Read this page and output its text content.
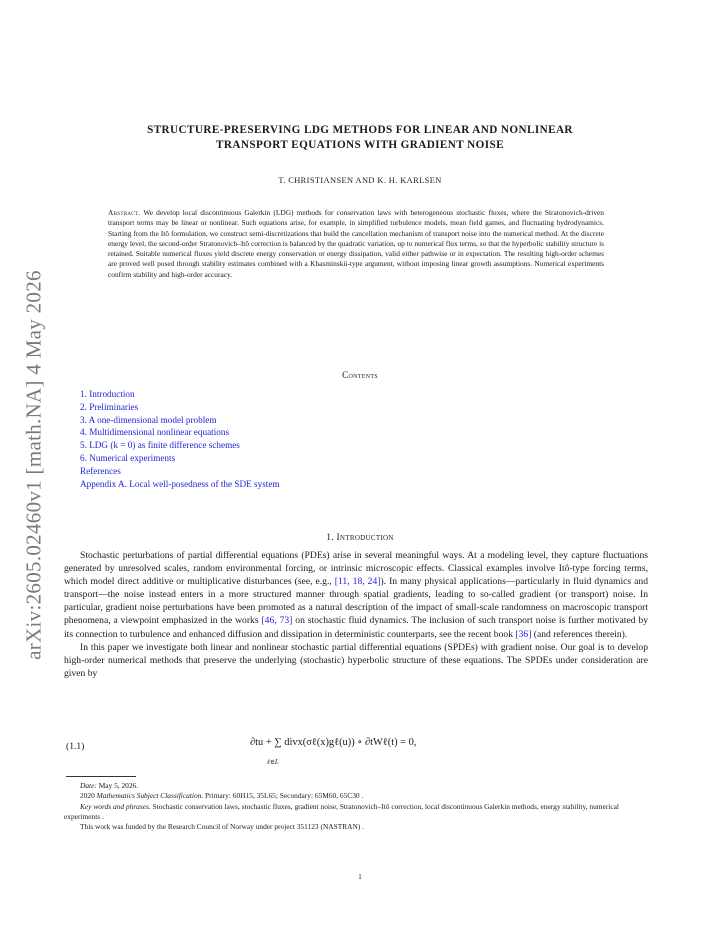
arXiv:2605.02460v1 [math.NA] 4 May 2026
STRUCTURE-PRESERVING LDG METHODS FOR LINEAR AND NONLINEAR
TRANSPORT EQUATIONS WITH GRADIENT NOISE
T. CHRISTIANSEN AND K. H. KARLSEN
Abstract. We develop local discontinuous Galerkin (LDG) methods for conservation laws with heterogeneous stochastic fluxes, where the Stratonovich-driven transport terms may be linear or nonlinear. Such equations arise, for example, in simplified turbulence models, mean field games, and fluctuating hydrodynamics. Starting from the Itô formulation, we construct semi-discretizations that build the cancellation mechanism of transport noise into the numerical method. At the discrete energy level, the second-order Stratonovich–Itô correction is balanced by the quadratic variation, up to numerical flux terms, so that the hyperbolic stability structure is retained. Suitable numerical fluxes yield discrete energy conservation or energy dissipation, valid either pathwise or in expectation. The resulting high-order schemes are proved well posed through stability estimates combined with a Khasminskii-type argument, without imposing linear growth assumptions. Numerical experiments confirm stability and high-order accuracy.
Contents
1. Introduction
2. Preliminaries
3. A one-dimensional model problem
4. Multidimensional nonlinear equations
5. LDG (k = 0) as finite difference schemes
6. Numerical experiments
References
Appendix A. Local well-posedness of the SDE system
1. Introduction

Stochastic perturbations of partial differential equations (PDEs) arise in several meaningful ways. At a modeling level, they capture fluctuations generated by unresolved scales, random environmental forcing, or intrinsic microscopic effects. Classical examples involve Itô-type forcing terms, which model direct additive or multiplicative disturbances (see, e.g., [11, 18, 24]). In many physical applications—particularly in fluid dynamics and transport—the noise instead enters in a more structured manner through spatial gradients, leading to so-called gradient (or transport) noise. In particular, gradient noise perturbations have been promoted as a natural description of the impact of small-scale randomness on macroscopic transport phenomena, a viewpoint emphasized in the works [46, 73] on stochastic fluid dynamics. The inclusion of such transport noise is further motivated by its connection to turbulence and enhanced diffusion and dissipation in deterministic counterparts, see the recent book [36] (and references therein).

In this paper we investigate both linear and nonlinear stochastic partial differential equations (SPDEs) with gradient noise. Our goal is to develop high-order numerical methods that preserve the underlying (stochastic) hyperbolic structure of these equations. The SPDEs under consideration are given by

(1.1)	∂tu + ∑ divx(σℓ(x)gℓ(u)) ∘ ∂tWℓ(t) = 0,
ℓ∈L

Date: May 5, 2026.

2020 Mathematics Subject Classification. Primary: 60H15, 35L65; Secondary: 65M60, 65C30 .

Key words and phrases. Stochastic conservation laws, stochastic fluxes, gradient noise, Stratonovich–Itô correction, local discontinuous Galerkin methods, energy stability, numerical experiments .

This work was funded by the Research Council of Norway under project 351123 (NASTRAN) .

1
